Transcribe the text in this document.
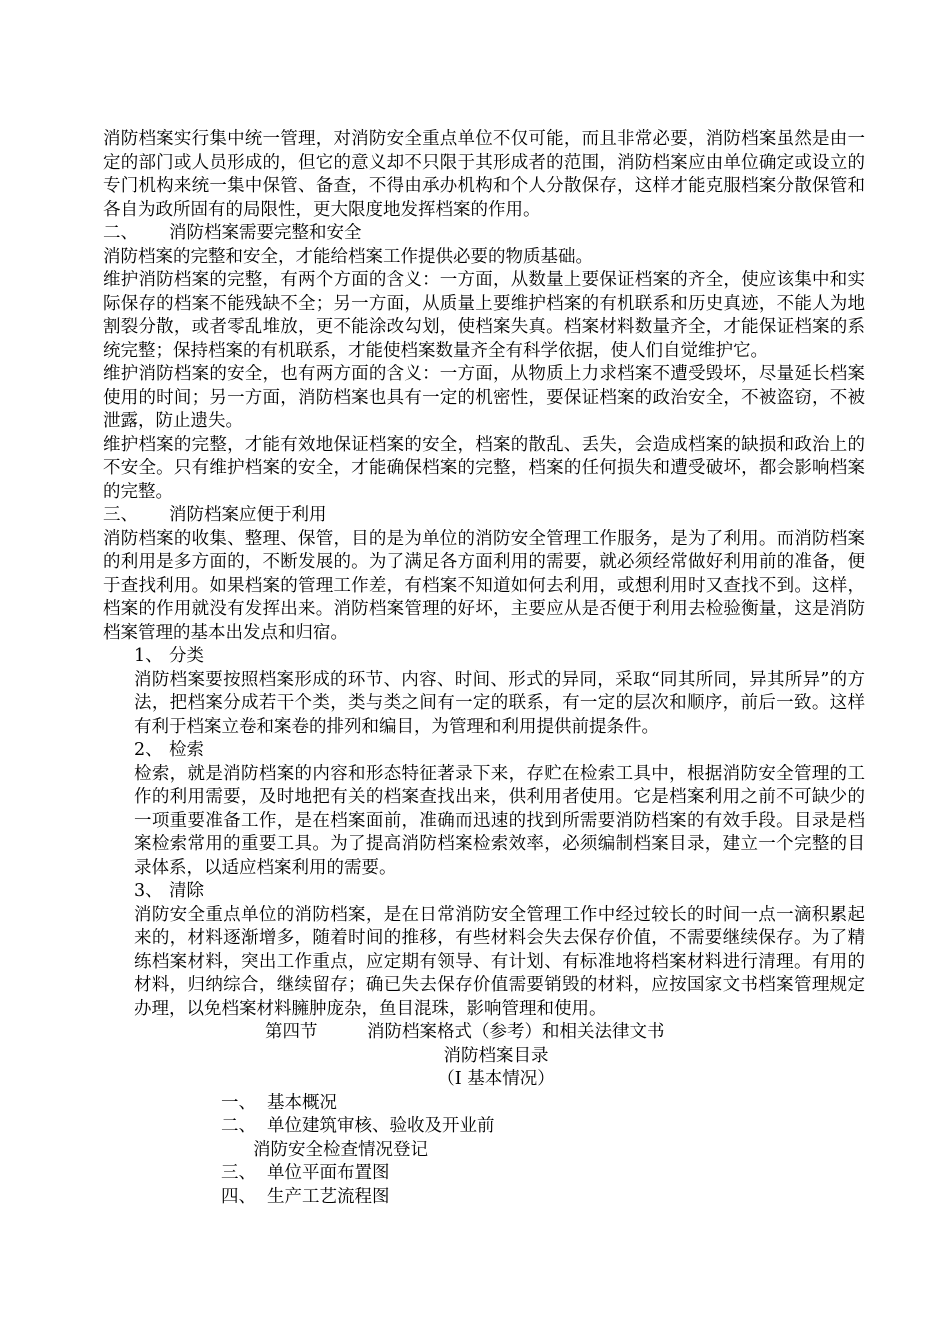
消防档案实行集中统一管理，对消防安全重点单位不仅可能，而且非常必要，消防档案虽然是由一定的部门或人员形成的，但它的意义却不只限于其形成者的范围，消防档案应由单位确定或设立的专门机构来统一集中保管、备查，不得由承办机构和个人分散保存，这样才能克服档案分散保管和各自为政所固有的局限性，更大限度地发挥档案的作用。

二、 消防档案需要完整和安全

消防档案的完整和安全，才能给档案工作提供必要的物质基础。

维护消防档案的完整，有两个方面的含义：一方面，从数量上要保证档案的齐全，使应该集中和实际保存的档案不能残缺不全；另一方面，从质量上要维护档案的有机联系和历史真迹，不能人为地割裂分散，或者零乱堆放，更不能涂改勾划，使档案失真。档案材料数量齐全，才能保证档案的系统完整；保持档案的有机联系，才能使档案数量齐全有科学依据，使人们自觉维护它。

维护消防档案的安全，也有两方面的含义：一方面，从物质上力求档案不遭受毁坏，尽量延长档案使用的时间；另一方面，消防档案也具有一定的机密性，要保证档案的政治安全，不被盗窃，不被泄露，防止遗失。

维护档案的完整，才能有效地保证档案的安全，档案的散乱、丢失，会造成档案的缺损和政治上的不安全。只有维护档案的安全，才能确保档案的完整，档案的任何损失和遭受破坏，都会影响档案的完整。

三、 消防档案应便于利用

消防档案的收集、整理、保管，目的是为单位的消防安全管理工作服务，是为了利用。而消防档案的利用是多方面的，不断发展的。为了满足各方面利用的需要，就必须经常做好利用前的准备，便于查找利用。如果档案的管理工作差，有档案不知道如何去利用，或想利用时又查找不到。这样，档案的作用就没有发挥出来。消防档案管理的好坏，主要应从是否便于利用去检验衡量，这是消防档案管理的基本出发点和归宿。

1、 分类

消防档案要按照档案形成的环节、内容、时间、形式的异同，采取“同其所同，异其所异”的方法，把档案分成若干个类，类与类之间有一定的联系，有一定的层次和顺序，前后一致。这样有利于档案立卷和案卷的排列和编目，为管理和利用提供前提条件。

2、 检索

检索，就是消防档案的内容和形态特征著录下来，存贮在检索工具中，根据消防安全管理的工作的利用需要，及时地把有关的档案查找出来，供利用者使用。它是档案利用之前不可缺少的一项重要准备工作，是在档案面前，准确而迅速的找到所需要消防档案的有效手段。目录是档案检索常用的重要工具。为了提高消防档案检索效率，必须编制档案目录，建立一个完整的目录体系，以适应档案利用的需要。

3、 清除

消防安全重点单位的消防档案，是在日常消防安全管理工作中经过较长的时间一点一滴积累起来的，材料逐渐增多，随着时间的推移，有些材料会失去保存价值，不需要继续保存。为了精练档案材料，突出工作重点，应定期有领导、有计划、有标准地将档案材料进行清理。有用的材料，归纳综合，继续留存；确已失去保存价值需要销毁的材料，应按国家文书档案管理规定办理，以免档案材料臃肿庞杂，鱼目混珠，影响管理和使用。

第四节	消防档案格式（参考）和相关法律文书

消防档案目录

（I 基本情况）

一、 基本概况

二、 单位建筑审核、验收及开业前

消防安全检查情况登记

三、 单位平面布置图

四、 生产工艺流程图
